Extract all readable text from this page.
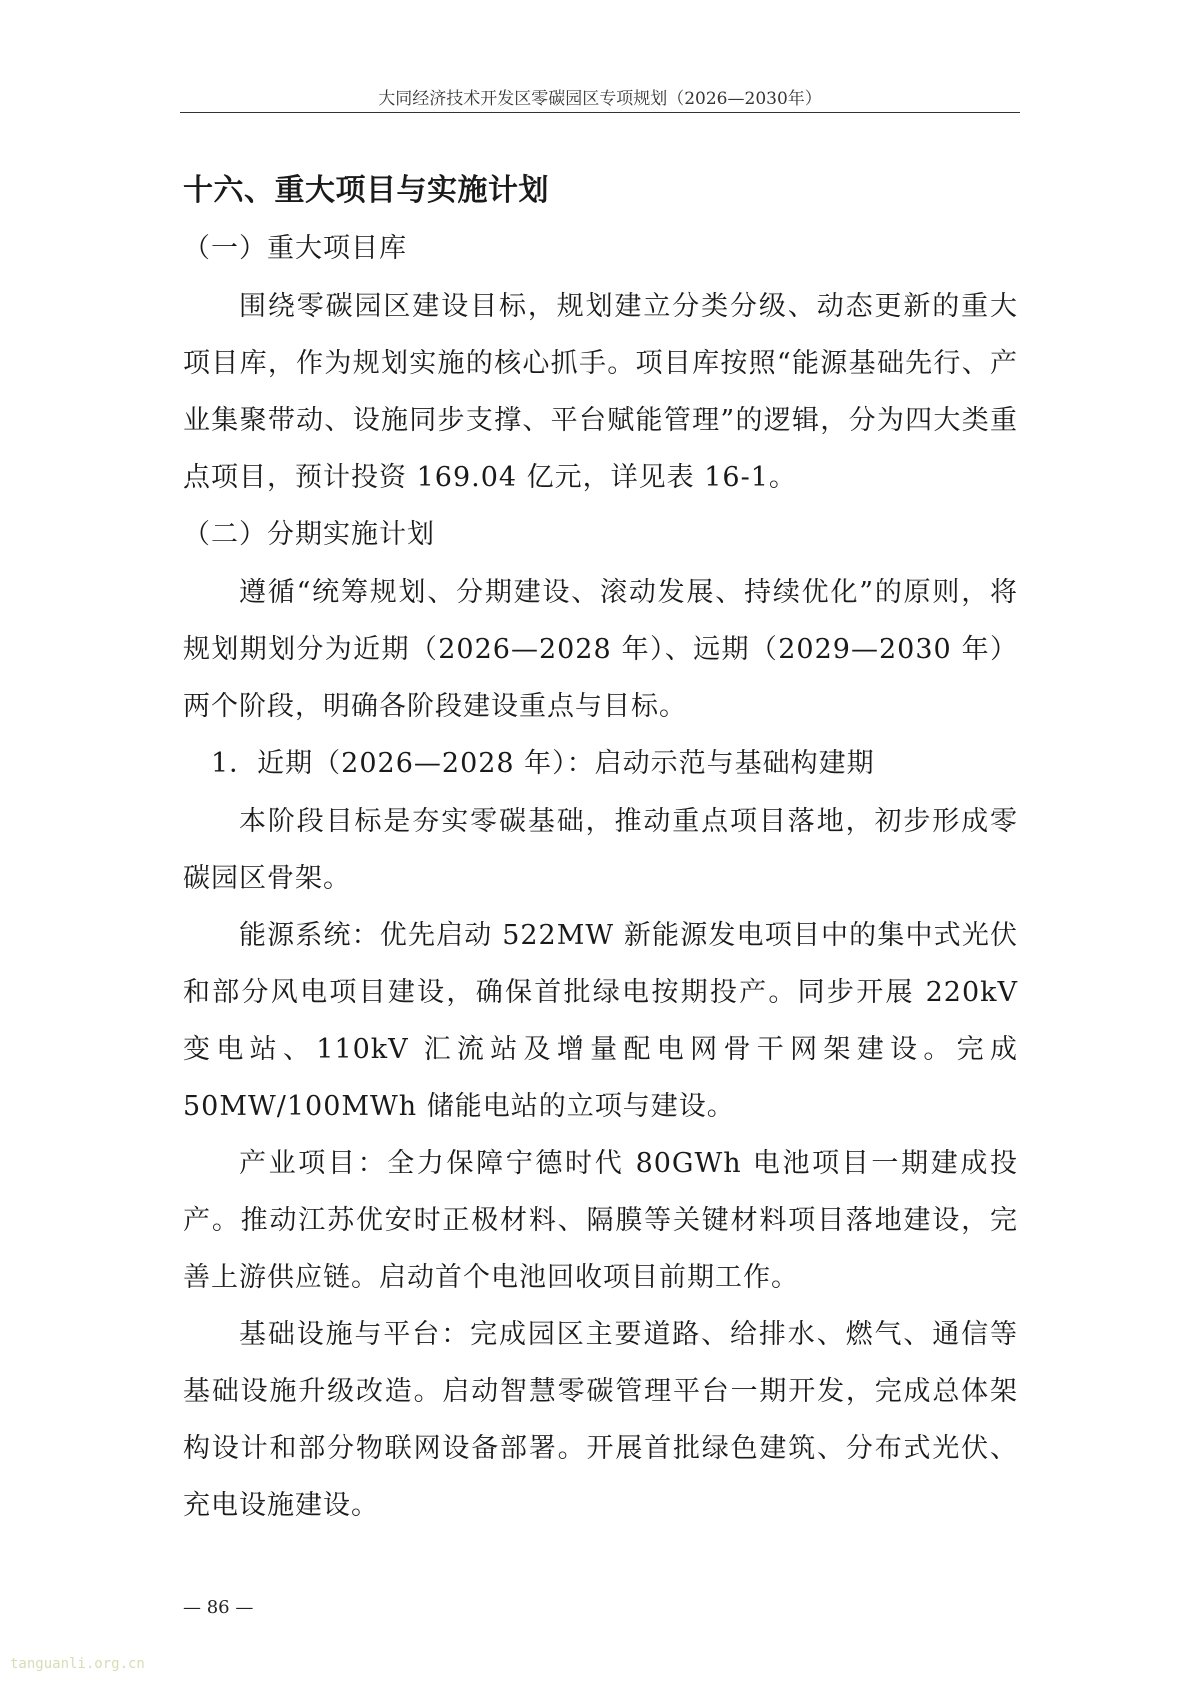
大同经济技术开发区零碳园区专项规划（2026—2030年）
十六、重大项目与实施计划
（一）重大项目库

围绕零碳园区建设目标，规划建立分类分级、动态更新的重大项目库，作为规划实施的核心抓手。项目库按照“能源基础先行、产业集聚带动、设施同步支撑、平台赋能管理”的逻辑，分为四大类重点项目，预计投资 169.04 亿元，详见表 16-1。

（二）分期实施计划

遵循“统筹规划、分期建设、滚动发展、持续优化”的原则，将规划期划分为近期（2026—2028 年）、远期（2029—2030 年）两个阶段，明确各阶段建设重点与目标。

1．近期（2026—2028 年）：启动示范与基础构建期

本阶段目标是夯实零碳基础，推动重点项目落地，初步形成零碳园区骨架。

能源系统：优先启动 522MW 新能源发电项目中的集中式光伏和部分风电项目建设，确保首批绿电按期投产。同步开展 220kV 变电站、110kV 汇流站及增量配电网骨干网架建设。完成 50MW/100MWh 储能电站的立项与建设。

产业项目：全力保障宁德时代 80GWh 电池项目一期建成投产。推动江苏优安时正极材料、隔膜等关键材料项目落地建设，完善上游供应链。启动首个电池回收项目前期工作。

基础设施与平台：完成园区主要道路、给排水、燃气、通信等基础设施升级改造。启动智慧零碳管理平台一期开发，完成总体架构设计和部分物联网设备部署。开展首批绿色建筑、分布式光伏、充电设施建设。

— 86 —
tanguanli.org.cn
